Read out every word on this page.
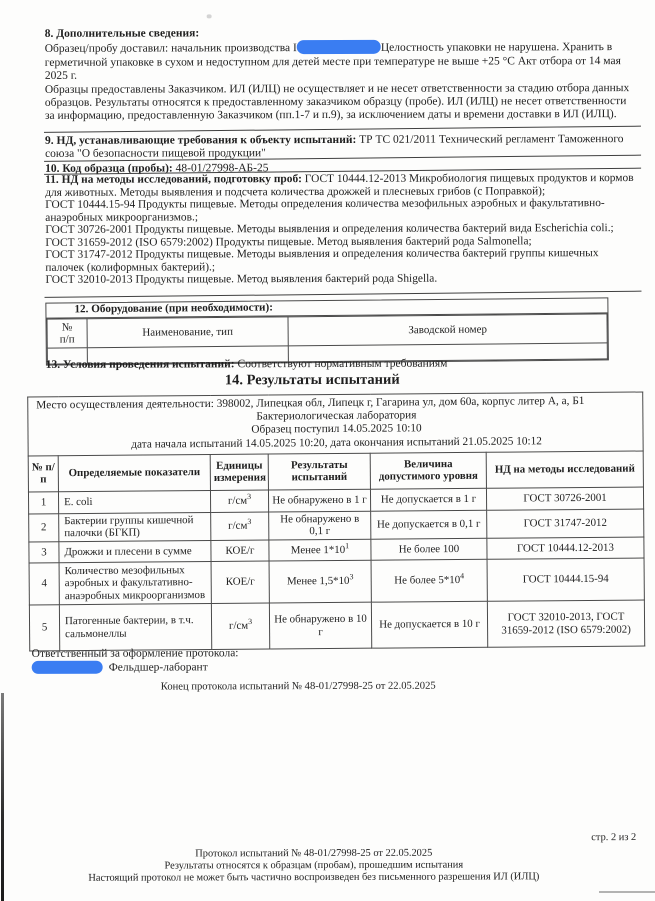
8. Дополнительные сведения:
Образец/пробу доставил: начальник производства I	Целостность упаковки не нарушена. Хранить в герметичной упаковке в сухом и недоступном для детей месте при температуре не выше +25 °C Акт отбора от 14 мая 2025 г.
Образцы предоставлены Заказчиком. ИЛ (ИЛЦ) не осуществляет и не несет ответственности за стадию отбора данных образцов. Результаты относятся к предоставленному заказчиком образцу (пробе). ИЛ (ИЛЦ) не несет ответственности за информацию, предоставленную Заказчиком (пп.1-7 и п.9), за исключением даты и времени доставки в ИЛ (ИЛЦ).
9. НД, устанавливающие требования к объекту испытаний: ТР ТС 021/2011 Технический регламент Таможенного союза "О безопасности пищевой продукции"
10. Код образца (пробы): 48-01/27998-АБ-25
11. НД на методы исследований, подготовку проб: ГОСТ 10444.12-2013 Микробиология пищевых продуктов и кормов для животных. Методы выявления и подсчета количества дрожжей и плесневых грибов (с Поправкой);
ГОСТ 10444.15-94 Продукты пищевые. Методы определения количества мезофильных аэробных и факультативно-анаэробных микроорганизмов.;
ГОСТ 30726-2001 Продукты пищевые. Методы выявления и определения количества бактерий вида Escherichia coli.;
ГОСТ 31659-2012 (ISO 6579:2002) Продукты пищевые. Метод выявления бактерий рода Salmonella;
ГОСТ 31747-2012 Продукты пищевые. Методы выявления и определения количества бактерий группы кишечных палочек (колиформных бактерий).;
ГОСТ 32010-2013 Продукты пищевые. Метод выявления бактерий рода Shigella.
12. Оборудование (при необходимости):
№
п/п	Наименование, тип	Заводской номер

13. Условия проведения испытаний: Соответствуют нормативным требованиям
14. Результаты испытаний
Место осуществления деятельности: 398002, Липецкая обл, Липецк г, Гагарина ул, дом 60а, корпус литер А, а, Б1
Бактериологическая лаборатория
Образец поступил 14.05.2025 10:10
дата начала испытаний 14.05.2025 10:20, дата окончания испытаний 21.05.2025 10:12					

№ п/п	Определяемые показатели	Единицы измерения	Результаты испытаний	Величина допустимого уровня	НД на методы исследований
1	E. coli	$г/см^3$	Не обнаружено в 1 г	Не допускается в 1 г	ГОСТ 30726-2001
2	Бактерии группы кишечной палочки (БГКП)	$г/см^3$	Не обнаружено в 0,1 г	Не допускается в 0,1 г	ГОСТ 31747-2012
3	Дрожжи и плесени в сумме	КОЕ/г	Менее $1*10^1$	Не более 100	ГОСТ 10444.12-2013
4	Количество мезофильных аэробных и факультативно-анаэробных микроорганизмов	КОЕ/г	Менее $1,5*10^3$	Не более $5*10^4$	ГОСТ 10444.15-94
5	Патогенные бактерии, в т.ч. сальмонеллы	$г/см^3$	Не обнаружено в 10 г	Не допускается в 10 г	ГОСТ 32010-2013, ГОСТ 31659-2012 (ISO 6579:2002)
Ответственный за оформление протокола:
Фельдшер-лаборант
Конец протокола испытаний № 48-01/27998-25 от 22.05.2025
стр. 2 из 2
Протокол испытаний № 48-01/27998-25 от 22.05.2025
Результаты относятся к образцам (пробам), прошедшим испытания
Настоящий протокол не может быть частично воспроизведен без письменного разрешения ИЛ (ИЛЦ)
